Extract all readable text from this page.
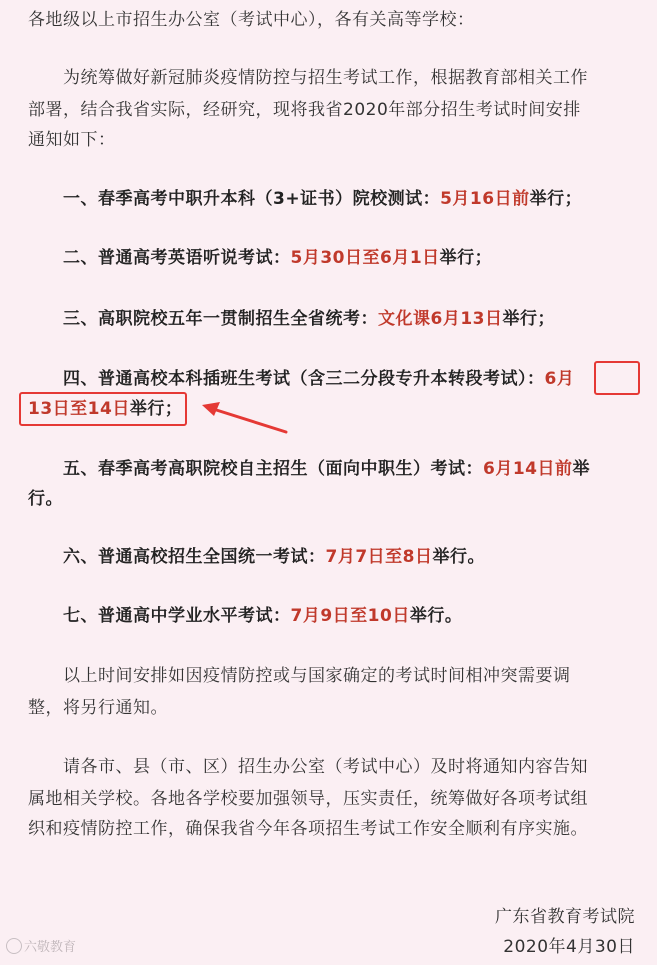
各地级以上市招生办公室（考试中心），各有关高等学校：
为统筹做好新冠肺炎疫情防控与招生考试工作，根据教育部相关工作
部署，结合我省实际，经研究，现将我省2020年部分招生考试时间安排
通知如下：
一、春季高考中职升本科（3+证书）院校测试：5月16日前举行；
二、普通高考英语听说考试：5月30日至6月1日举行；
三、高职院校五年一贯制招生全省统考：文化课6月13日举行；
四、普通高校本科插班生考试（含三二分段专升本转段考试）：6月
13日至14日举行；
五、春季高考高职院校自主招生（面向中职生）考试：6月14日前举
行。
六、普通高校招生全国统一考试：7月7日至8日举行。
七、普通高中学业水平考试：7月9日至10日举行。
以上时间安排如因疫情防控或与国家确定的考试时间相冲突需要调
整，将另行通知。
请各市、县（市、区）招生办公室（考试中心）及时将通知内容告知
属地相关学校。各地各学校要加强领导，压实责任，统筹做好各项考试组
织和疫情防控工作，确保我省今年各项招生考试工作安全顺利有序实施。
广东省教育考试院
2020年4月30日
六敬教育
